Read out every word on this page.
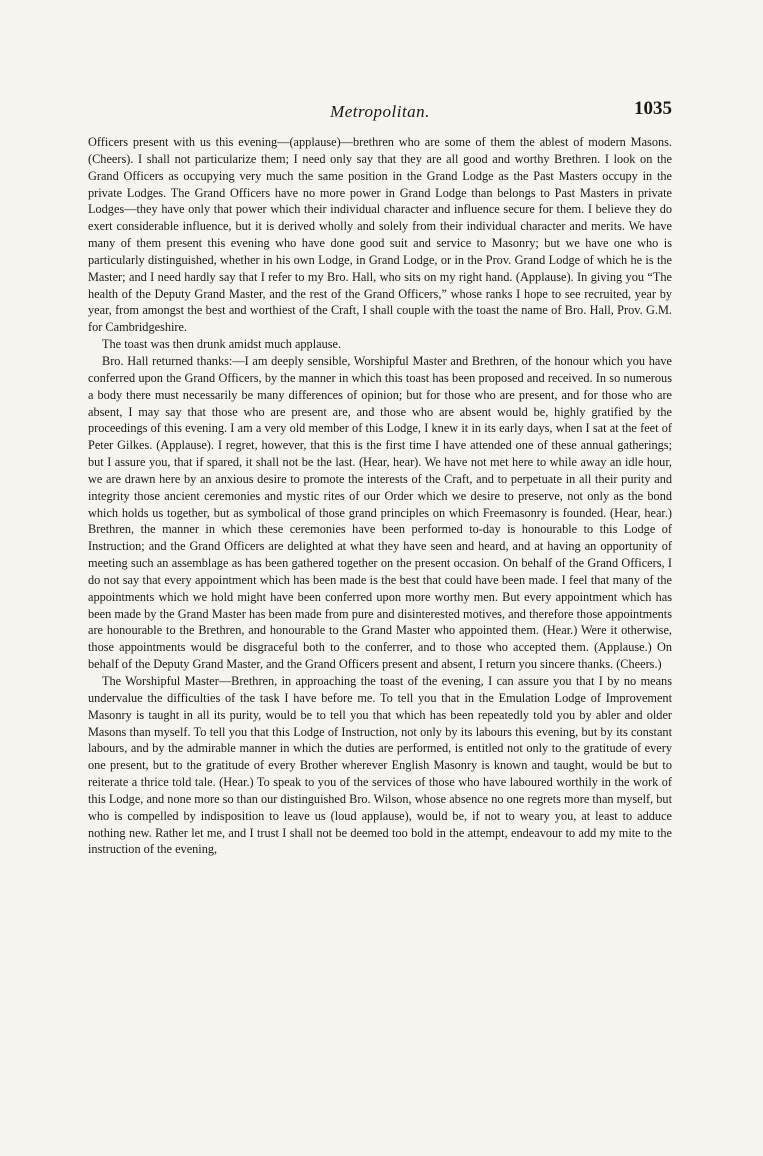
Metropolitan.	1035

Officers present with us this evening—(applause)—brethren who are some of them the ablest of modern Masons. (Cheers). I shall not particularize them; I need only say that they are all good and worthy Brethren. I look on the Grand Officers as occupying very much the same position in the Grand Lodge as the Past Masters occupy in the private Lodges. The Grand Officers have no more power in Grand Lodge than belongs to Past Masters in private Lodges—they have only that power which their individual character and influence secure for them. I believe they do exert considerable influence, but it is derived wholly and solely from their individual character and merits. We have many of them present this evening who have done good suit and service to Masonry; but we have one who is particularly distinguished, whether in his own Lodge, in Grand Lodge, or in the Prov. Grand Lodge of which he is the Master; and I need hardly say that I refer to my Bro. Hall, who sits on my right hand. (Applause). In giving you “The health of the Deputy Grand Master, and the rest of the Grand Officers,” whose ranks I hope to see recruited, year by year, from amongst the best and worthiest of the Craft, I shall couple with the toast the name of Bro. Hall, Prov. G.M. for Cambridgeshire.

The toast was then drunk amidst much applause.

Bro. Hall returned thanks:—I am deeply sensible, Worshipful Master and Brethren, of the honour which you have conferred upon the Grand Officers, by the manner in which this toast has been proposed and received. In so numerous a body there must necessarily be many differences of opinion; but for those who are present, and for those who are absent, I may say that those who are present are, and those who are absent would be, highly gratified by the proceedings of this evening. I am a very old member of this Lodge, I knew it in its early days, when I sat at the feet of Peter Gilkes. (Applause). I regret, however, that this is the first time I have attended one of these annual gatherings; but I assure you, that if spared, it shall not be the last. (Hear, hear). We have not met here to while away an idle hour, we are drawn here by an anxious desire to promote the interests of the Craft, and to perpetuate in all their purity and integrity those ancient ceremonies and mystic rites of our Order which we desire to preserve, not only as the bond which holds us together, but as symbolical of those grand principles on which Freemasonry is founded. (Hear, hear.) Brethren, the manner in which these ceremonies have been performed to-day is honourable to this Lodge of Instruction; and the Grand Officers are delighted at what they have seen and heard, and at having an opportunity of meeting such an assemblage as has been gathered together on the present occasion. On behalf of the Grand Officers, I do not say that every appointment which has been made is the best that could have been made. I feel that many of the appointments which we hold might have been conferred upon more worthy men. But every appointment which has been made by the Grand Master has been made from pure and disinterested motives, and therefore those appointments are honourable to the Brethren, and honourable to the Grand Master who appointed them. (Hear.) Were it otherwise, those appointments would be disgraceful both to the conferrer, and to those who accepted them. (Applause.) On behalf of the Deputy Grand Master, and the Grand Officers present and absent, I return you sincere thanks. (Cheers.)

The Worshipful Master—Brethren, in approaching the toast of the evening, I can assure you that I by no means undervalue the difficulties of the task I have before me. To tell you that in the Emulation Lodge of Improvement Masonry is taught in all its purity, would be to tell you that which has been repeatedly told you by abler and older Masons than myself. To tell you that this Lodge of Instruction, not only by its labours this evening, but by its constant labours, and by the admirable manner in which the duties are performed, is entitled not only to the gratitude of every one present, but to the gratitude of every Brother wherever English Masonry is known and taught, would be but to reiterate a thrice told tale. (Hear.) To speak to you of the services of those who have laboured worthily in the work of this Lodge, and none more so than our distinguished Bro. Wilson, whose absence no one regrets more than myself, but who is compelled by indisposition to leave us (loud applause), would be, if not to weary you, at least to adduce nothing new. Rather let me, and I trust I shall not be deemed too bold in the attempt, endeavour to add my mite to the instruction of the evening,
